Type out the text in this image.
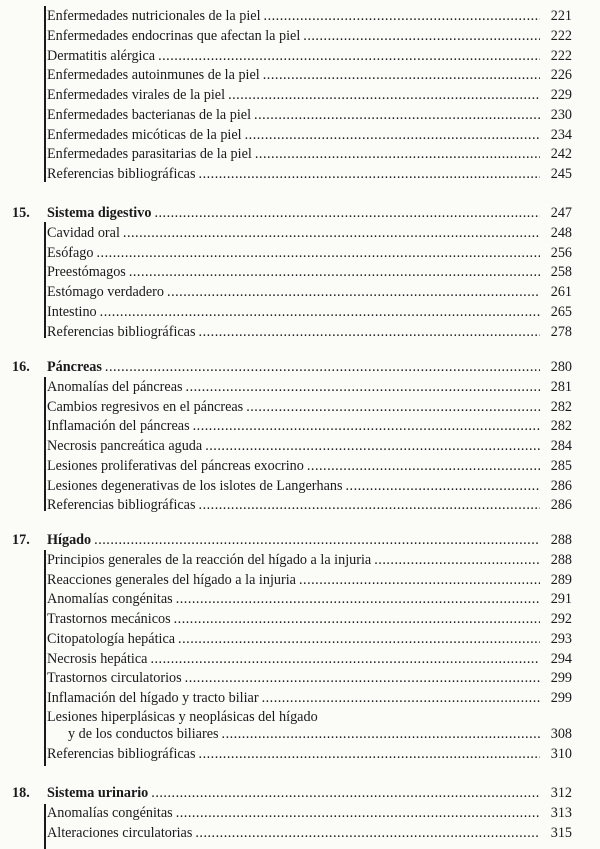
Enfermedades nutricionales de la piel .....	221
Enfermedades endocrinas que afectan la piel .....	222
Dermatitis alérgica .....	222
Enfermedades autoinmunes de la piel .....	226
Enfermedades virales de la piel .....	229
Enfermedades bacterianas de la piel .....	230
Enfermedades micóticas de la piel .....	234
Enfermedades parasitarias de la piel .....	242
Referencias bibliográficas .....	245
15. Sistema digestivo .....	247
Cavidad oral .....	248
Esófago .....	256
Preestómagos .....	258
Estómago verdadero .....	261
Intestino .....	265
Referencias bibliográficas .....	278
16. Páncreas .....	280
Anomalías del páncreas .....	281
Cambios regresivos en el páncreas .....	282
Inflamación del páncreas .....	282
Necrosis pancreática aguda .....	284
Lesiones proliferativas del páncreas exocrino .....	285
Lesiones degenerativas de los islotes de Langerhans .....	286
Referencias bibliográficas .....	286
17. Hígado .....	288
Principios generales de la reacción del hígado a la injuria .....	288
Reacciones generales del hígado a la injuria .....	289
Anomalías congénitas .....	291
Trastornos mecánicos .....	292
Citopatología hepática .....	293
Necrosis hepática .....	294
Trastornos circulatorios .....	299
Inflamación del hígado y tracto biliar .....	299
Lesiones hiperplásicas y neoplásicas del hígado
y de los conductos biliares .....	308
Referencias bibliográficas .....	310
18. Sistema urinario .....	312
Anomalías congénitas .....	313
Alteraciones circulatorias .....	315
